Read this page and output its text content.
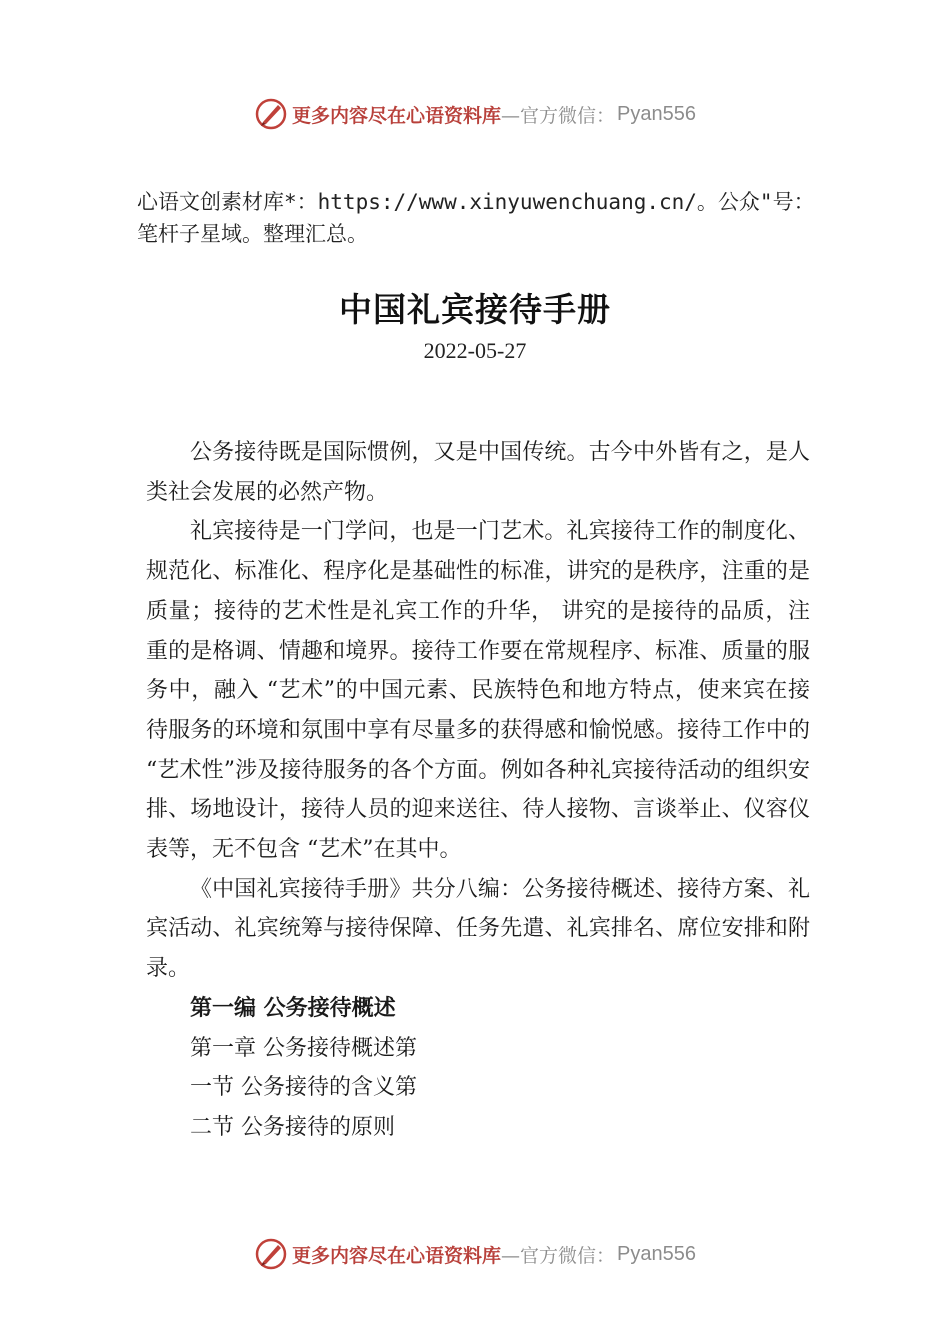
更多内容尽在心语资料库 —官方微信： Pyan556
心语文创素材库*：https://www.xinyuwenchuang.cn/。公众"号：笔杆子星域。整理汇总。
中国礼宾接待手册
2022-05-27

公务接待既是国际惯例，又是中国传统。古今中外皆有之，是人类社会发展的必然产物。

礼宾接待是一门学问，也是一门艺术。礼宾接待工作的制度化、规范化、标准化、程序化是基础性的标准，讲究的是秩序，注重的是质量；接待的艺术性是礼宾工作的升华， 讲究的是接待的品质，注重的是格调、情趣和境界。接待工作要在常规程序、标准、质量的服务中，融入 “艺术”的中国元素、民族特色和地方特点，使来宾在接待服务的环境和氛围中享有尽量多的获得感和愉悦感。接待工作中的 “艺术性”涉及接待服务的各个方面。例如各种礼宾接待活动的组织安排、场地设计，接待人员的迎来送往、待人接物、言谈举止、仪容仪表等，无不包含 “艺术”在其中。

《中国礼宾接待手册》共分八编：公务接待概述、接待方案、礼宾活动、礼宾统筹与接待保障、任务先遣、礼宾排名、席位安排和附录。

第一编 公务接待概述
第一章 公务接待概述第
一节 公务接待的含义第
二节 公务接待的原则
更多内容尽在心语资料库 —官方微信： Pyan556
